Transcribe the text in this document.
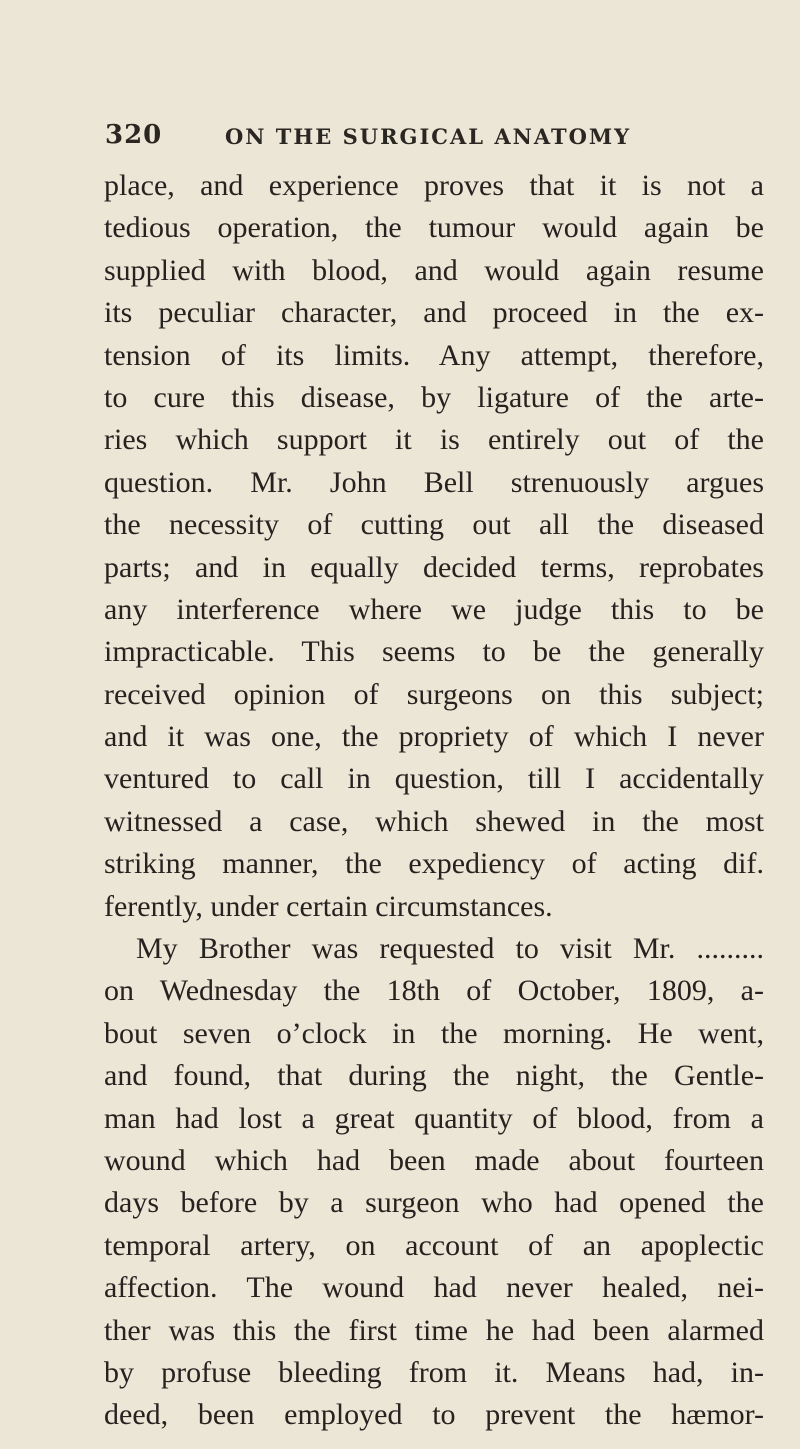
320	ON THE SURGICAL ANATOMY
place, and experience proves that it is not a
tedious operation, the tumour would again be
supplied with blood, and would again resume
its peculiar character, and proceed in the ex-
tension of its limits. Any attempt, therefore,
to cure this disease, by ligature of the arte-
ries which support it is entirely out of the
question. Mr. John Bell strenuously argues
the necessity of cutting out all the diseased
parts; and in equally decided terms, reprobates
any interference where we judge this to be
impracticable. This seems to be the generally
received opinion of surgeons on this subject;
and it was one, the propriety of which I never
ventured to call in question, till I accidentally
witnessed a case, which shewed in the most
striking manner, the expediency of acting dif.
ferently, under certain circumstances.
My Brother was requested to visit Mr. .........
on Wednesday the 18th of October, 1809, a-
bout seven o’clock in the morning. He went,
and found, that during the night, the Gentle-
man had lost a great quantity of blood, from a
wound which had been made about fourteen
days before by a surgeon who had opened the
temporal artery, on account of an apoplectic
affection. The wound had never healed, nei-
ther was this the first time he had been alarmed
by profuse bleeding from it. Means had, in-
deed, been employed to prevent the hæmor-
